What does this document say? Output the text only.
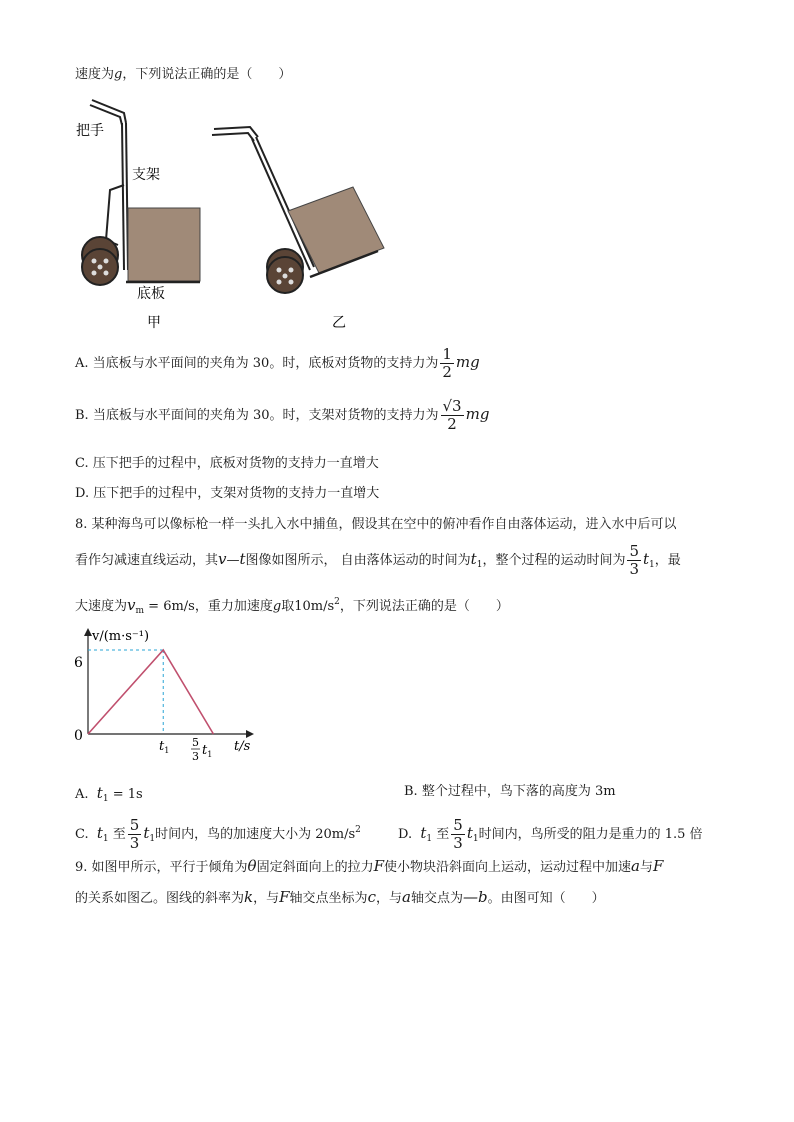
速度为g，下列说法正确的是（　　）
把手
支架
底板
甲	乙
A. 当底板与水平面间的夹角为 30。时，底板对货物的支持力为 $\frac{1}{2}$ mg
B. 当底板与水平面间的夹角为 30。时，支架对货物的支持力为 $\frac{√3}{2}$ mg
C. 压下把手的过程中，底板对货物的支持力一直增大
D. 压下把手的过程中，支架对货物的支持力一直增大
8. 某种海鸟可以像标枪一样一头扎入水中捕鱼，假设其在空中的俯冲看作自由落体运动，进入水中后可以
看作匀减速直线运动，其v—t图像如图所示， 自由落体运动的时间为$t_1$，整个过程的运动时间为 $\frac{5}{3} t_1$，最
大速度为$v_m = 6m/s$，重力加速度g取$10m/s^2$，下列说法正确的是（　　）
v/(m·s⁻¹)
t/s
6
0
$t_1$
5
3 $t_1$
A. $t_1 = 1s$	B. 整个过程中，鸟下落的高度为 3m
C. $t_1$ 至 $\frac{5}{3} t_1$时间内，鸟的加速度大小为 $20m/s^2$	D. $t_1$ 至 $\frac{5}{3} t_1$时间内，鸟所受的阻力是重力的 1.5 倍
9. 如图甲所示，平行于倾角为θ固定斜面向上的拉力F使小物块沿斜面向上运动，运动过程中加速a与F
的关系如图乙。图线的斜率为k，与F轴交点坐标为c，与a轴交点为—b。由图可知（　　）
